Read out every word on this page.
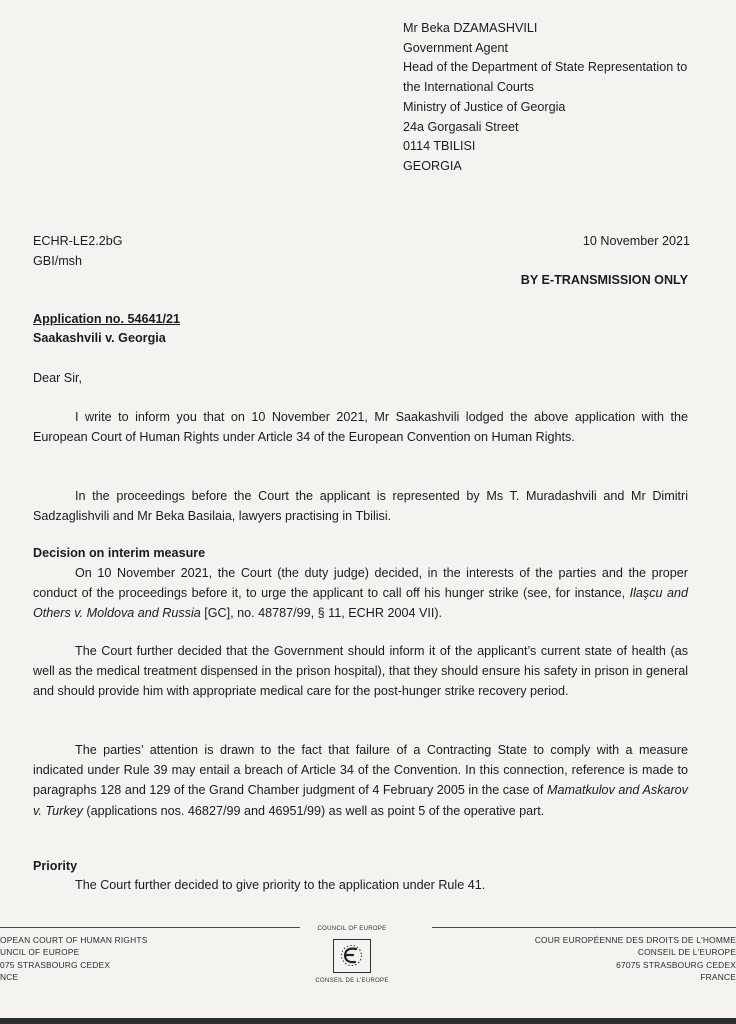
Mr Beka DZAMASHVILI
Government Agent
Head of the Department of State Representation to
the International Courts
Ministry of Justice of Georgia
24a Gorgasali Street
0114 TBILISI
GEORGIA
ECHR-LE2.2bG
GBI/msh
10 November 2021
BY E-TRANSMISSION ONLY
Application no. 54641/21
Saakashvili v. Georgia
Dear Sir,
I write to inform you that on 10 November 2021, Mr Saakashvili lodged the above application with the European Court of Human Rights under Article 34 of the European Convention on Human Rights.
In the proceedings before the Court the applicant is represented by Ms T. Muradashvili and Mr Dimitri Sadzaglishvili and Mr Beka Basilaia, lawyers practising in Tbilisi.
Decision on interim measure
On 10 November 2021, the Court (the duty judge) decided, in the interests of the parties and the proper conduct of the proceedings before it, to urge the applicant to call off his hunger strike (see, for instance, Ilaşcu and Others v. Moldova and Russia [GC], no. 48787/99, § 11, ECHR 2004 VII).
The Court further decided that the Government should inform it of the applicant’s current state of health (as well as the medical treatment dispensed in the prison hospital), that they should ensure his safety in prison in general and should provide him with appropriate medical care for the post-hunger strike recovery period.
The parties’ attention is drawn to the fact that failure of a Contracting State to comply with a measure indicated under Rule 39 may entail a breach of Article 34 of the Convention. In this connection, reference is made to paragraphs 128 and 129 of the Grand Chamber judgment of 4 February 2005 in the case of Mamatkulov and Askarov v. Turkey (applications nos. 46827/99 and 46951/99) as well as point 5 of the operative part.
Priority
The Court further decided to give priority to the application under Rule 41.
OPEAN COURT OF HUMAN RIGHTS
UNCIL OF EUROPE
075 STRASBOURG CEDEX
NCE
COUNCIL OF EUROPE
CONSEIL DE L'EUROPE
COUR EUROPÉENNE DES DROITS DE L'HOMME
CONSEIL DE L'EUROPE
67075 STRASBOURG CEDEX
FRANCE
